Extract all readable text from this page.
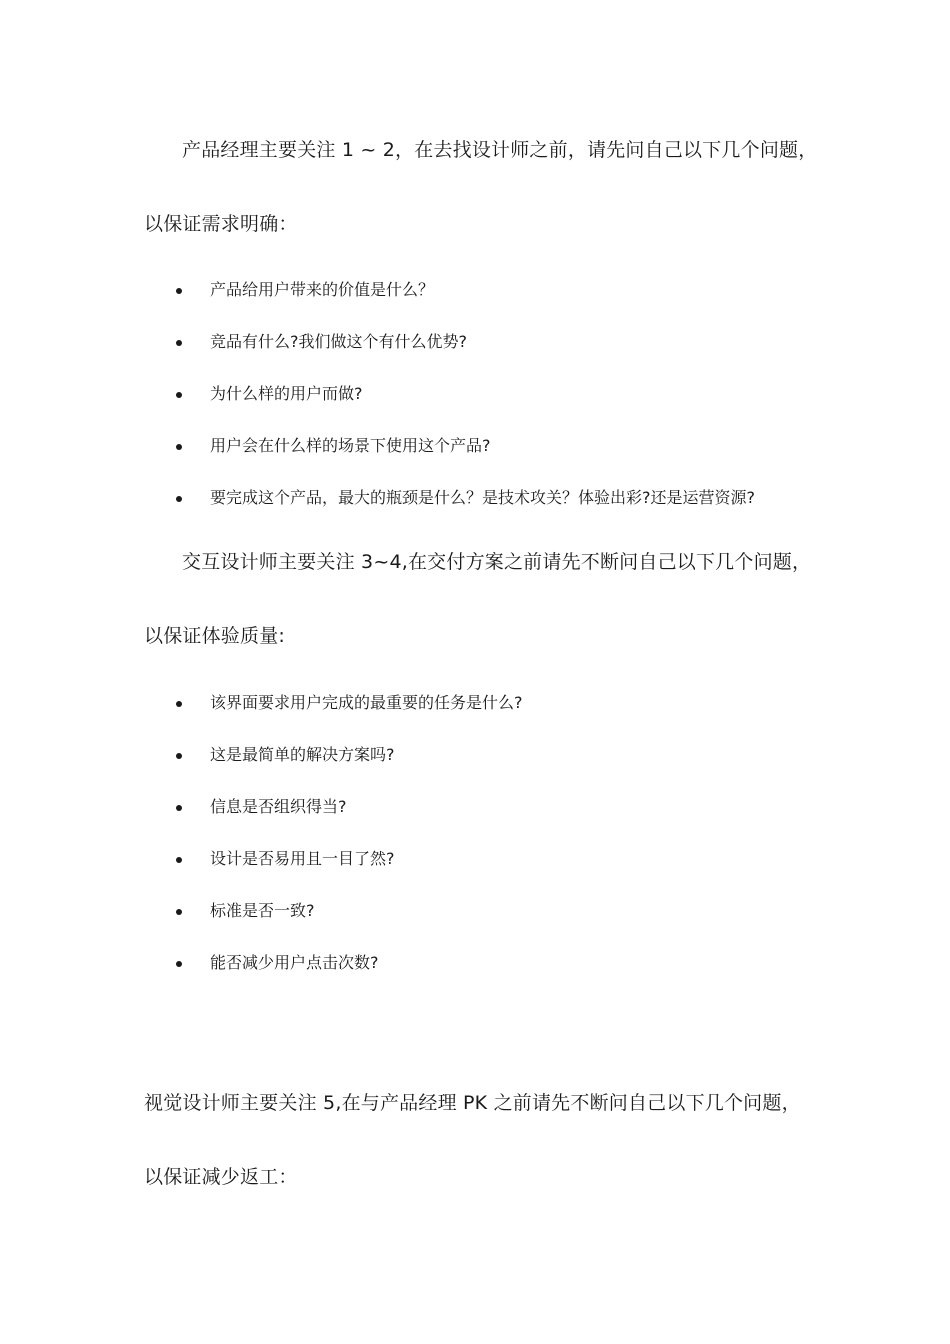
产品经理主要关注 1 ~ 2，在去找设计师之前，请先问自己以下几个问题，
以保证需求明确：
产品给用户带来的价值是什么？
竞品有什么?我们做这个有什么优势?
为什么样的用户而做?
用户会在什么样的场景下使用这个产品?
要完成这个产品，最大的瓶颈是什么？是技术攻关？体验出彩?还是运营资源?
交互设计师主要关注 3~4,在交付方案之前请先不断问自己以下几个问题，
以保证体验质量:
该界面要求用户完成的最重要的任务是什么?
这是最简单的解决方案吗?
信息是否组织得当?
设计是否易用且一目了然?
标准是否一致?
能否减少用户点击次数?
视觉设计师主要关注 5,在与产品经理 PK 之前请先不断问自己以下几个问题，
以保证减少返工：
